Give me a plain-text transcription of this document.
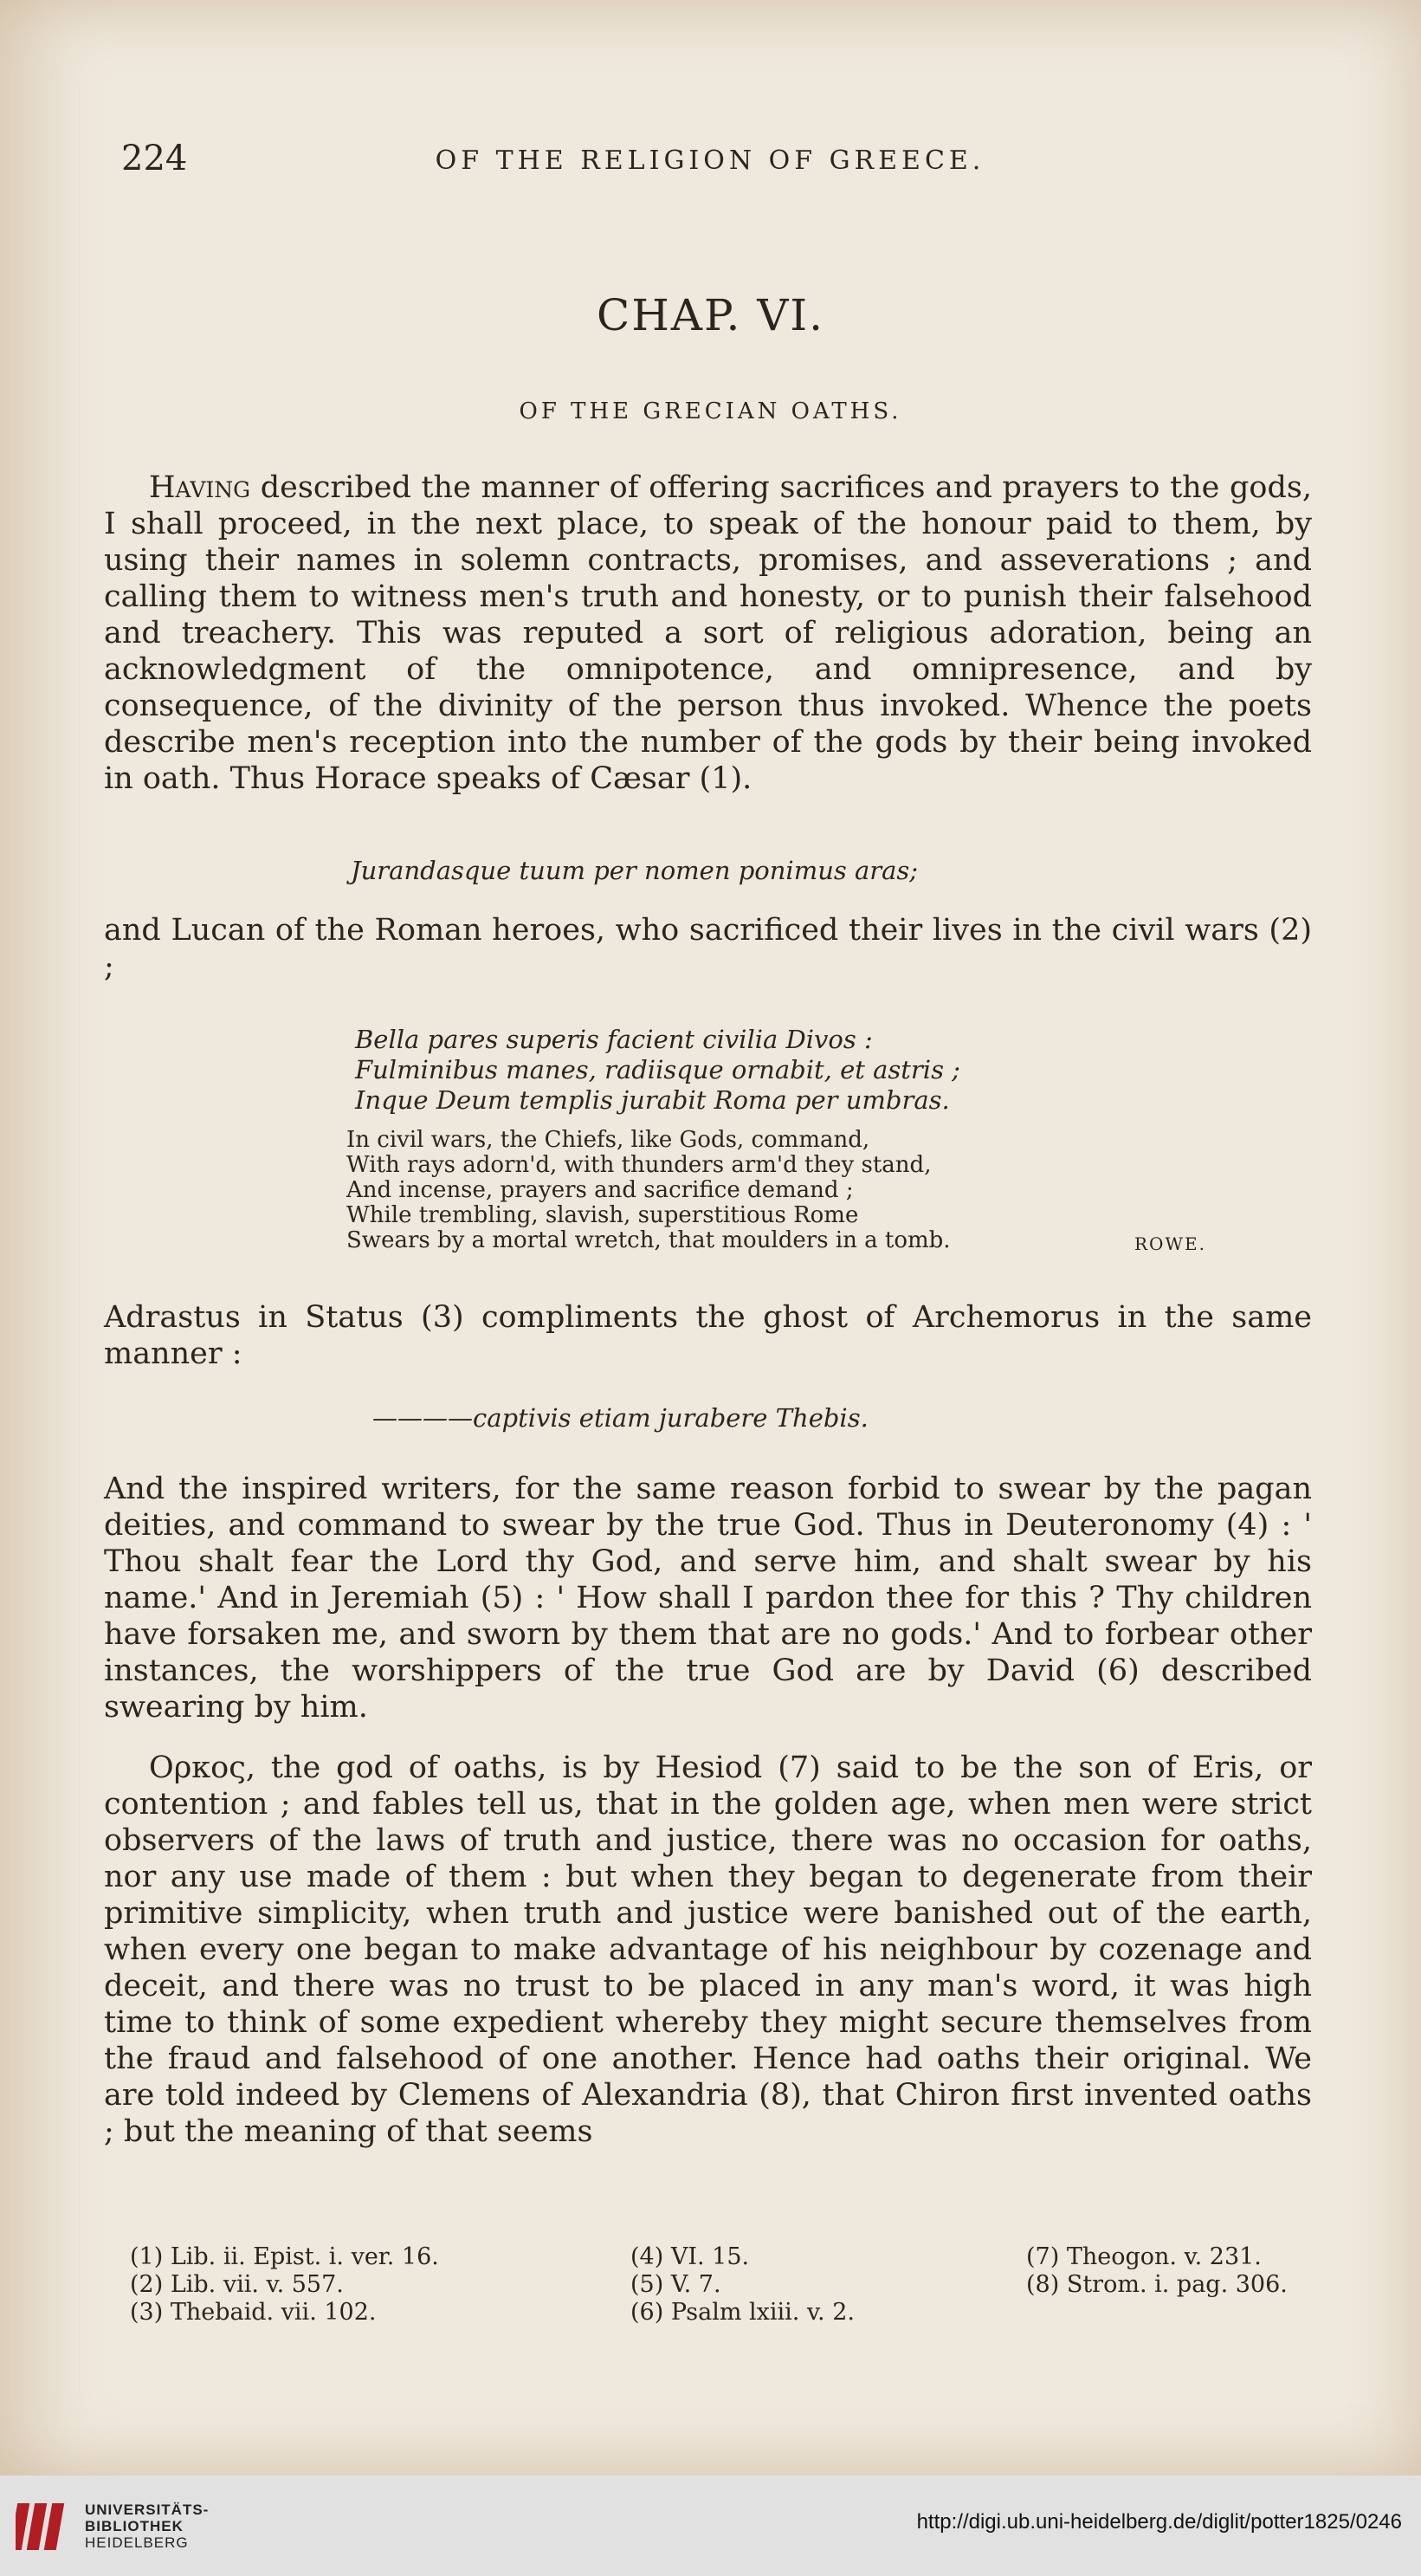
224	OF THE RELIGION OF GREECE.
CHAP. VI.
OF THE GRECIAN OATHS.

Having described the manner of offering sacrifices and prayers to the gods, I shall proceed, in the next place, to speak of the honour paid to them, by using their names in solemn contracts, promises, and asseverations ; and calling them to witness men's truth and honesty, or to punish their falsehood and treachery. This was reputed a sort of religious adoration, being an acknowledgment of the omnipotence, and omnipresence, and by consequence, of the divinity of the person thus invoked. Whence the poets describe men's reception into the number of the gods by their being invoked in oath. Thus Horace speaks of Cæsar (1).

Jurandasque tuum per nomen ponimus aras;

and Lucan of the Roman heroes, who sacrificed their lives in the civil wars (2) ;

Bella pares superis facient civilia Divos :

Fulminibus manes, radiisque ornabit, et astris ;

Inque Deum templis jurabit Roma per umbras.

In civil wars, the Chiefs, like Gods, command,

With rays adorn'd, with thunders arm'd they stand,

And incense, prayers and sacrifice demand ;

While trembling, slavish, superstitious Rome

Swears by a mortal wretch, that moulders in a tomb.	ROWE.

Adrastus in Status (3) compliments the ghost of Archemorus in the same manner :

————captivis etiam jurabere Thebis.

And the inspired writers, for the same reason forbid to swear by the pagan deities, and command to swear by the true God. Thus in Deuteronomy (4) : ' Thou shalt fear the Lord thy God, and serve him, and shalt swear by his name.' And in Jeremiah (5) : ' How shall I pardon thee for this ? Thy children have forsaken me, and sworn by them that are no gods.' And to forbear other instances, the worshippers of the true God are by David (6) described swearing by him.

Ορκος, the god of oaths, is by Hesiod (7) said to be the son of Eris, or contention ; and fables tell us, that in the golden age, when men were strict observers of the laws of truth and justice, there was no occasion for oaths, nor any use made of them : but when they began to degenerate from their primitive simplicity, when truth and justice were banished out of the earth, when every one began to make advantage of his neighbour by cozenage and deceit, and there was no trust to be placed in any man's word, it was high time to think of some expedient whereby they might secure themselves from the fraud and falsehood of one another. Hence had oaths their original. We are told indeed by Clemens of Alexandria (8), that Chiron first invented oaths ; but the meaning of that seems

(1) Lib. ii. Epist. i. ver. 16.
(2) Lib. vii. v. 557.
(3) Thebaid. vii. 102.
(4) VI. 15.
(5) V. 7.
(6) Psalm lxiii. v. 2.
(7) Theogon. v. 231.
(8) Strom. i. pag. 306.
UNIVERSITÄTS-
BIBLIOTHEK
HEIDELBERG
http://digi.ub.uni-heidelberg.de/diglit/potter1825/0246
